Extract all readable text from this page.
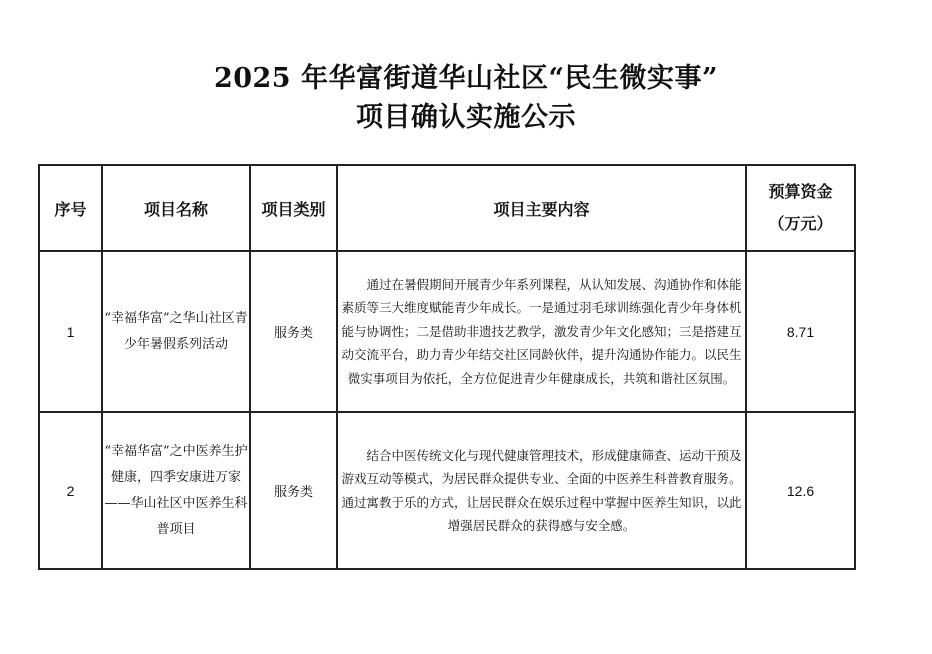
2025 年华富街道华山社区“民生微实事”
项目确认实施公示
序号	项目名称	项目类别	项目主要内容	预算资金
（万元）

1	“幸福华富”之华山社区青少年暑假系列活动	服务类	通过在暑假期间开展青少年系列课程，从认知发展、沟通协作和体能素质等三大维度赋能青少年成长。一是通过羽毛球训练强化青少年身体机能与协调性；二是借助非遗技艺教学，激发青少年文化感知；三是搭建互动交流平台，助力青少年结交社区同龄伙伴，提升沟通协作能力。以民生微实事项目为依托，全方位促进青少年健康成长，共筑和谐社区氛围。	8.71
2	“幸福华富”之中医养生护健康，四季安康进万家——华山社区中医养生科普项目	服务类	结合中医传统文化与现代健康管理技术，形成健康筛查、运动干预及游戏互动等模式，为居民群众提供专业、全面的中医养生科普教育服务。通过寓教于乐的方式，让居民群众在娱乐过程中掌握中医养生知识，以此增强居民群众的获得感与安全感。	12.6
